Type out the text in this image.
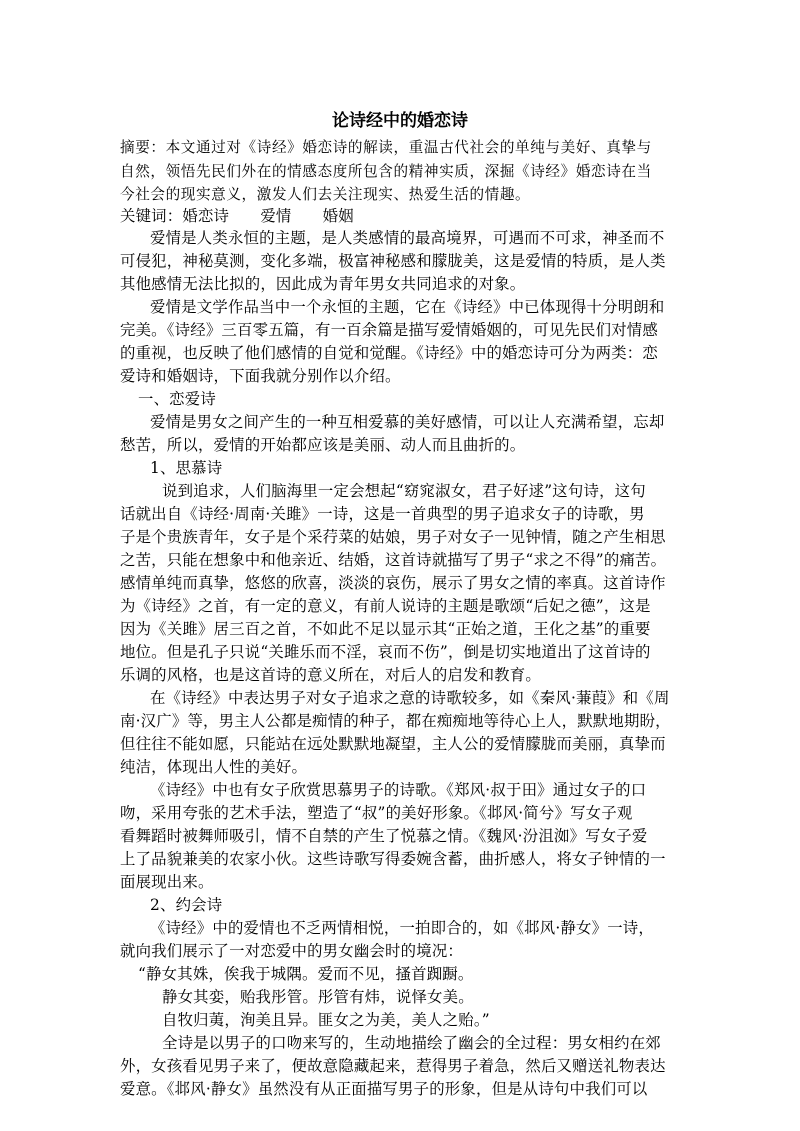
论诗经中的婚恋诗
摘要：本文通过对《诗经》婚恋诗的解读，重温古代社会的单纯与美好、真挚与
自然，领悟先民们外在的情感态度所包含的精神实质，深掘《诗经》婚恋诗在当
今社会的现实意义，激发人们去关注现实、热爱生活的情趣。
关键词：婚恋诗　　爱情　　婚姻
爱情是人类永恒的主题，是人类感情的最高境界，可遇而不可求，神圣而不
可侵犯，神秘莫测，变化多端，极富神秘感和朦胧美，这是爱情的特质，是人类
其他感情无法比拟的，因此成为青年男女共同追求的对象。
爱情是文学作品当中一个永恒的主题，它在《诗经》中已体现得十分明朗和
完美。《诗经》三百零五篇，有一百余篇是描写爱情婚姻的，可见先民们对情感
的重视，也反映了他们感情的自觉和觉醒。《诗经》中的婚恋诗可分为两类：恋
爱诗和婚姻诗，下面我就分别作以介绍。
一、恋爱诗
爱情是男女之间产生的一种互相爱慕的美好感情，可以让人充满希望，忘却
愁苦，所以，爱情的开始都应该是美丽、动人而且曲折的。
1、思慕诗
说到追求，人们脑海里一定会想起“窈窕淑女，君子好逑”这句诗，这句
话就出自《诗经·周南·关雎》一诗，这是一首典型的男子追求女子的诗歌，男
子是个贵族青年，女子是个采荇菜的姑娘，男子对女子一见钟情，随之产生相思
之苦，只能在想象中和他亲近、结婚，这首诗就描写了男子“求之不得”的痛苦。
感情单纯而真挚，悠悠的欣喜，淡淡的哀伤，展示了男女之情的率真。这首诗作
为《诗经》之首，有一定的意义，有前人说诗的主题是歌颂“后妃之德”，这是
因为《关雎》居三百之首，不如此不足以显示其“正始之道，王化之基”的重要
地位。但是孔子只说“关雎乐而不淫，哀而不伤”，倒是切实地道出了这首诗的
乐调的风格，也是这首诗的意义所在，对后人的启发和教育。
在《诗经》中表达男子对女子追求之意的诗歌较多，如《秦风·蒹葭》和《周
南·汉广》等，男主人公都是痴情的种子，都在痴痴地等待心上人，默默地期盼，
但往往不能如愿，只能站在远处默默地凝望，主人公的爱情朦胧而美丽，真挚而
纯洁，体现出人性的美好。
《诗经》中也有女子欣赏思慕男子的诗歌。《郑风·叔于田》通过女子的口
吻，采用夸张的艺术手法，塑造了“叔”的美好形象。《邶风·简兮》写女子观
看舞蹈时被舞师吸引，情不自禁的产生了悦慕之情。《魏风·汾沮洳》写女子爱
上了品貌兼美的农家小伙。这些诗歌写得委婉含蓄，曲折感人，将女子钟情的一
面展现出来。
2、约会诗
《诗经》中的爱情也不乏两情相悦，一拍即合的，如《邶风·静女》一诗，
就向我们展示了一对恋爱中的男女幽会时的境况：
“静女其姝，俟我于城隅。爱而不见，搔首踟蹰。
静女其娈，贻我彤管。彤管有炜，说怿女美。
自牧归荑，洵美且异。匪女之为美，美人之贻。”
全诗是以男子的口吻来写的，生动地描绘了幽会的全过程：男女相约在郊
外，女孩看见男子来了，便故意隐藏起来，惹得男子着急，然后又赠送礼物表达
爱意。《邶风·静女》虽然没有从正面描写男子的形象，但是从诗句中我们可以
